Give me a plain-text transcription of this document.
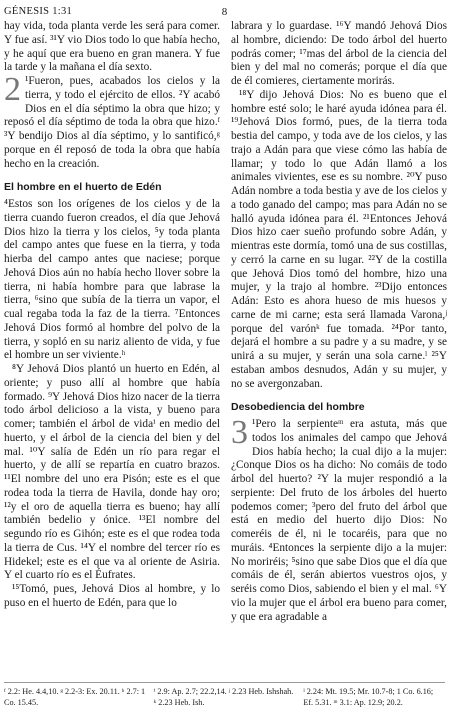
GÉNESIS 1:31	8

hay vida, toda planta verde les será para comer. Y fue así. ³¹Y vio Dios todo lo que había hecho, y he aquí que era bueno en gran manera. Y fue la tarde y la mañana el día sexto.

2 ¹Fueron, pues, acabados los cielos y la tierra, y todo el ejército de ellos. ²Y acabó Dios en el día séptimo la obra que hizo; y reposó el día séptimo de toda la obra que hizo.ᶠ ³Y bendijo Dios al día séptimo, y lo santificó,ᵍ porque en él reposó de toda la obra que había hecho en la creación.

El hombre en el huerto de Edén

⁴Estos son los orígenes de los cielos y de la tierra cuando fueron creados, el día que Jehová Dios hizo la tierra y los cielos, ⁵y toda planta del campo antes que fuese en la tierra, y toda hierba del campo antes que naciese; porque Jehová Dios aún no había hecho llover sobre la tierra, ni había hombre para que labrase la tierra, ⁶sino que subía de la tierra un vapor, el cual regaba toda la faz de la tierra. ⁷Entonces Jehová Dios formó al hombre del polvo de la tierra, y sopló en su nariz aliento de vida, y fue el hombre un ser viviente.ʰ

⁸Y Jehová Dios plantó un huerto en Edén, al oriente; y puso allí al hombre que había formado. ⁹Y Jehová Dios hizo nacer de la tierra todo árbol delicioso a la vista, y bueno para comer; también el árbol de vidaⁱ en medio del huerto, y el árbol de la ciencia del bien y del mal. ¹⁰Y salía de Edén un río para regar el huerto, y de allí se repartía en cuatro brazos. ¹¹El nombre del uno era Pisón; este es el que rodea toda la tierra de Havila, donde hay oro; ¹²y el oro de aquella tierra es bueno; hay allí también bedelio y ónice. ¹³El nombre del segundo río es Gihón; este es el que rodea toda la tierra de Cus. ¹⁴Y el nombre del tercer río es Hidekel; este es el que va al oriente de Asiria. Y el cuarto río es el Éufrates.

¹⁵Tomó, pues, Jehová Dios al hombre, y lo puso en el huerto de Edén, para que lo

labrara y lo guardase. ¹⁶Y mandó Jehová Dios al hombre, diciendo: De todo árbol del huerto podrás comer; ¹⁷mas del árbol de la ciencia del bien y del mal no comerás; porque el día que de él comieres, ciertamente morirás.

¹⁸Y dijo Jehová Dios: No es bueno que el hombre esté solo; le haré ayuda idónea para él. ¹⁹Jehová Dios formó, pues, de la tierra toda bestia del campo, y toda ave de los cielos, y las trajo a Adán para que viese cómo las había de llamar; y todo lo que Adán llamó a los animales vivientes, ese es su nombre. ²⁰Y puso Adán nombre a toda bestia y ave de los cielos y a todo ganado del campo; mas para Adán no se halló ayuda idónea para él. ²¹Entonces Jehová Dios hizo caer sueño profundo sobre Adán, y mientras este dormía, tomó una de sus costillas, y cerró la carne en su lugar. ²²Y de la costilla que Jehová Dios tomó del hombre, hizo una mujer, y la trajo al hombre. ²³Dijo entonces Adán: Esto es ahora hueso de mis huesos y carne de mi carne; esta será llamada Varona,ʲ porque del varónᵏ fue tomada. ²⁴Por tanto, dejará el hombre a su padre y a su madre, y se unirá a su mujer, y serán una sola carne.ˡ ²⁵Y estaban ambos desnudos, Adán y su mujer, y no se avergonzaban.

Desobediencia del hombre

3 ¹Pero la serpienteᵐ era astuta, más que todos los animales del campo que Jehová Dios había hecho; la cual dijo a la mujer: ¿Conque Dios os ha dicho: No comáis de todo árbol del huerto? ²Y la mujer respondió a la serpiente: Del fruto de los árboles del huerto podemos comer; ³pero del fruto del árbol que está en medio del huerto dijo Dios: No comeréis de él, ni le tocaréis, para que no muráis. ⁴Entonces la serpiente dijo a la mujer: No moriréis; ⁵sino que sabe Dios que el día que comáis de él, serán abiertos vuestros ojos, y seréis como Dios, sabiendo el bien y el mal. ⁶Y vio la mujer que el árbol era bueno para comer, y que era agradable a

ᶠ 2.2: He. 4.4,10. ᵍ 2.2-3: Ex. 20.11. ʰ 2.7: 1 Co. 15.45.
ⁱ 2.9: Ap. 2.7; 22.2,14. ʲ 2.23 Heb. Ishshah. ᵏ 2.23 Heb. Ish.
ˡ 2.24: Mt. 19.5; Mr. 10.7-8; 1 Co. 6.16; Ef. 5.31. ᵐ 3.1: Ap. 12.9; 20.2.
